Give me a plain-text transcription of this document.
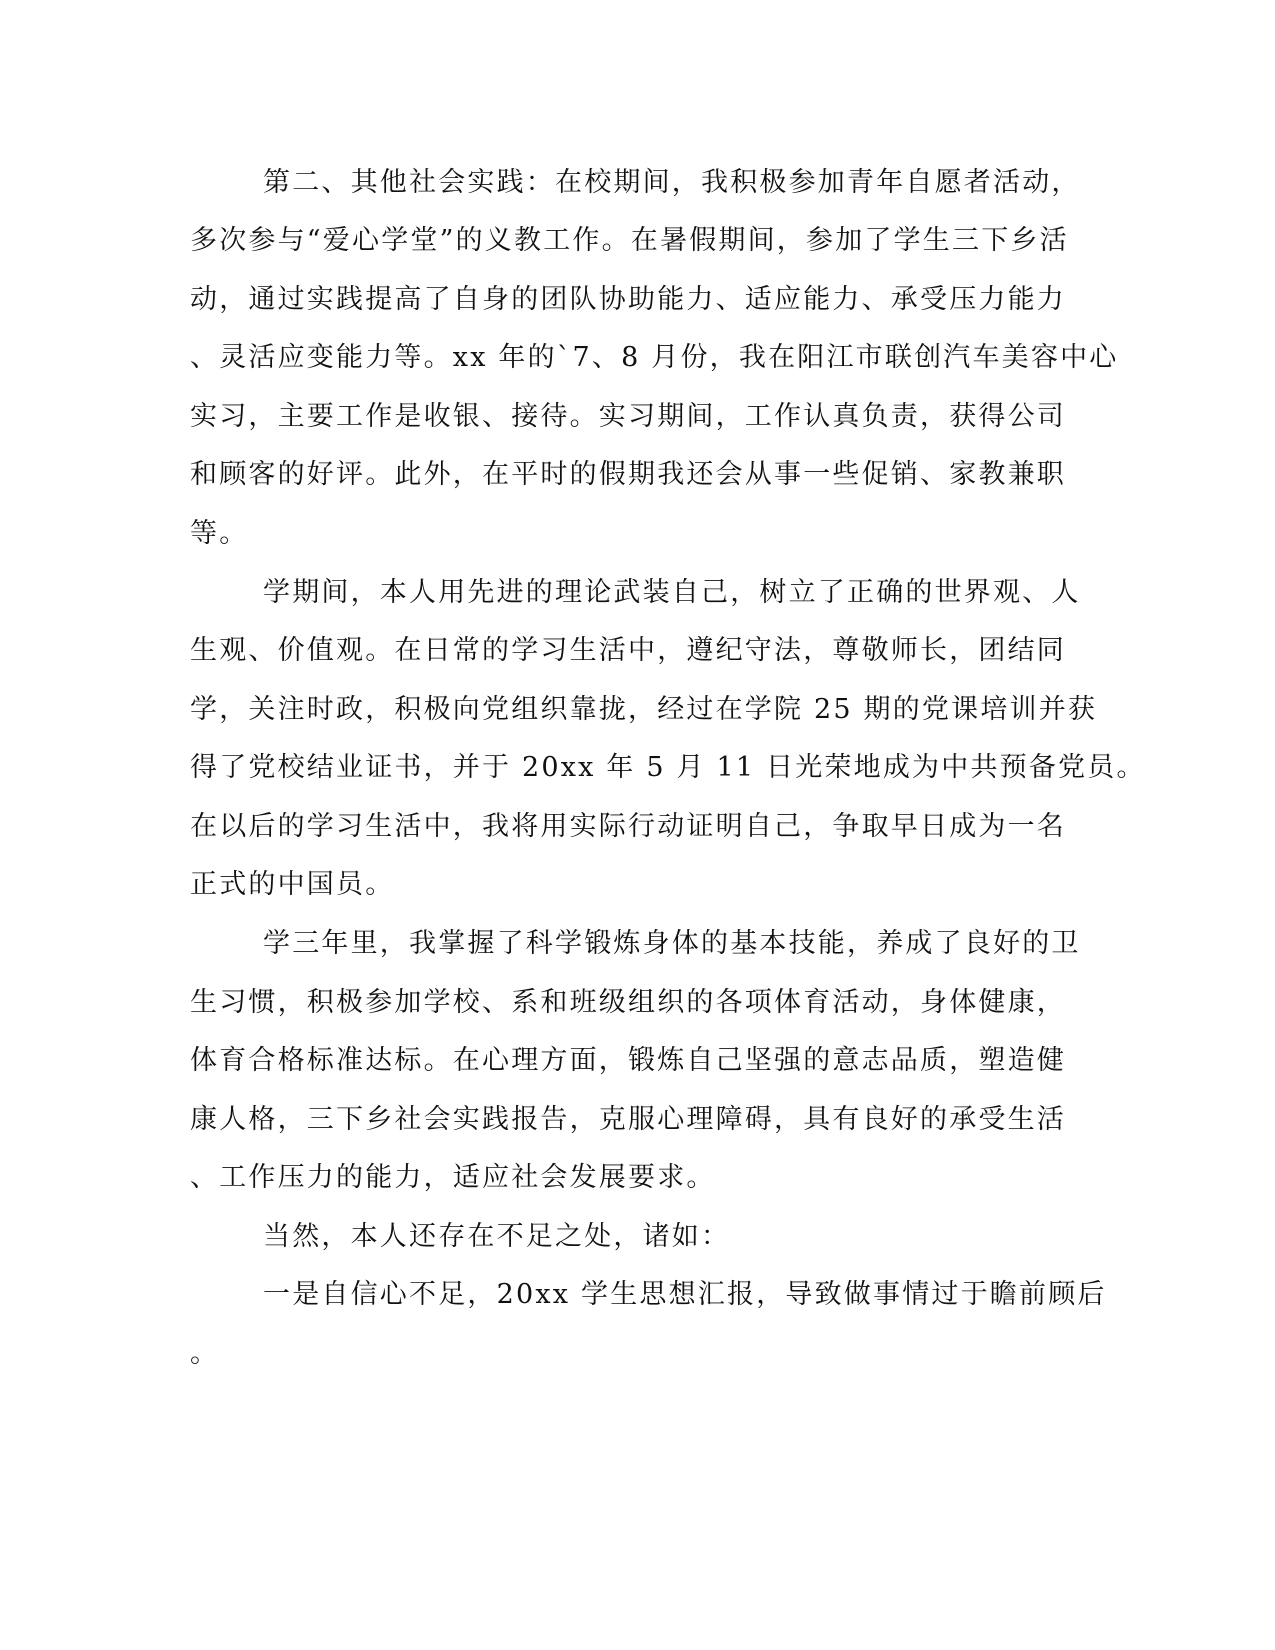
第二、其他社会实践：在校期间，我积极参加青年自愿者活动，
多次参与“爱心学堂”的义教工作。在暑假期间，参加了学生三下乡活
动，通过实践提高了自身的团队协助能力、适应能力、承受压力能力
、灵活应变能力等。xx 年的`7、8 月份，我在阳江市联创汽车美容中心
实习，主要工作是收银、接待。实习期间，工作认真负责，获得公司
和顾客的好评。此外，在平时的假期我还会从事一些促销、家教兼职
等。
学期间，本人用先进的理论武装自己，树立了正确的世界观、人
生观、价值观。在日常的学习生活中，遵纪守法，尊敬师长，团结同
学，关注时政，积极向党组织靠拢，经过在学院 25 期的党课培训并获
得了党校结业证书，并于 20xx 年 5 月 11 日光荣地成为中共预备党员。
在以后的学习生活中，我将用实际行动证明自己，争取早日成为一名
正式的中国员。
学三年里，我掌握了科学锻炼身体的基本技能，养成了良好的卫
生习惯，积极参加学校、系和班级组织的各项体育活动，身体健康，
体育合格标准达标。在心理方面，锻炼自己坚强的意志品质，塑造健
康人格，三下乡社会实践报告，克服心理障碍，具有良好的承受生活
、工作压力的能力，适应社会发展要求。
当然，本人还存在不足之处，诸如：
一是自信心不足，20xx 学生思想汇报，导致做事情过于瞻前顾后
。
